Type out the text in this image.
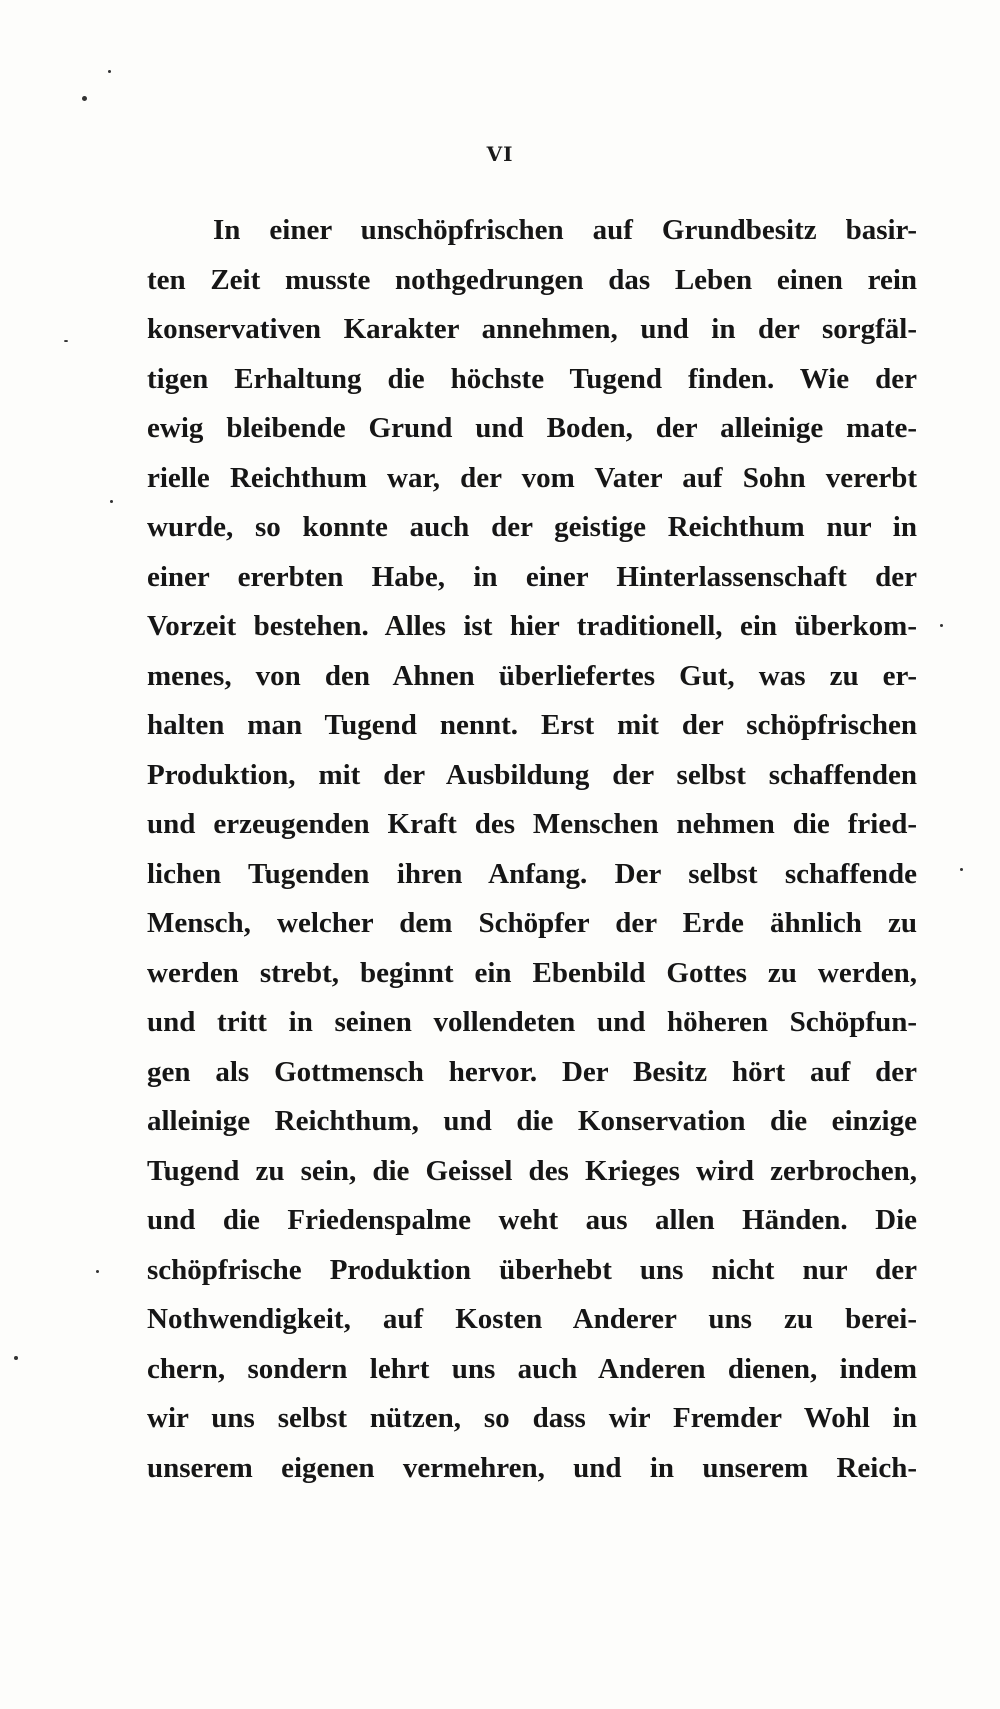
VI
In einer unschöpfrischen auf Grundbesitz basir-
ten Zeit musste nothgedrungen das Leben einen rein
konservativen Karakter annehmen, und in der sorgfäl-
tigen Erhaltung die höchste Tugend finden. Wie der
ewig bleibende Grund und Boden, der alleinige mate-
rielle Reichthum war, der vom Vater auf Sohn vererbt
wurde, so konnte auch der geistige Reichthum nur in
einer ererbten Habe, in einer Hinterlassenschaft der
Vorzeit bestehen. Alles ist hier traditionell, ein überkom-
menes, von den Ahnen überliefertes Gut, was zu er-
halten man Tugend nennt. Erst mit der schöpfrischen
Produktion, mit der Ausbildung der selbst schaffenden
und erzeugenden Kraft des Menschen nehmen die fried-
lichen Tugenden ihren Anfang. Der selbst schaffende
Mensch, welcher dem Schöpfer der Erde ähnlich zu
werden strebt, beginnt ein Ebenbild Gottes zu werden,
und tritt in seinen vollendeten und höheren Schöpfun-
gen als Gottmensch hervor. Der Besitz hört auf der
alleinige Reichthum, und die Konservation die einzige
Tugend zu sein, die Geissel des Krieges wird zerbrochen,
und die Friedenspalme weht aus allen Händen. Die
schöpfrische Produktion überhebt uns nicht nur der
Nothwendigkeit, auf Kosten Anderer uns zu berei-
chern, sondern lehrt uns auch Anderen dienen, indem
wir uns selbst nützen, so dass wir Fremder Wohl in
unserem eigenen vermehren, und in unserem Reich-
